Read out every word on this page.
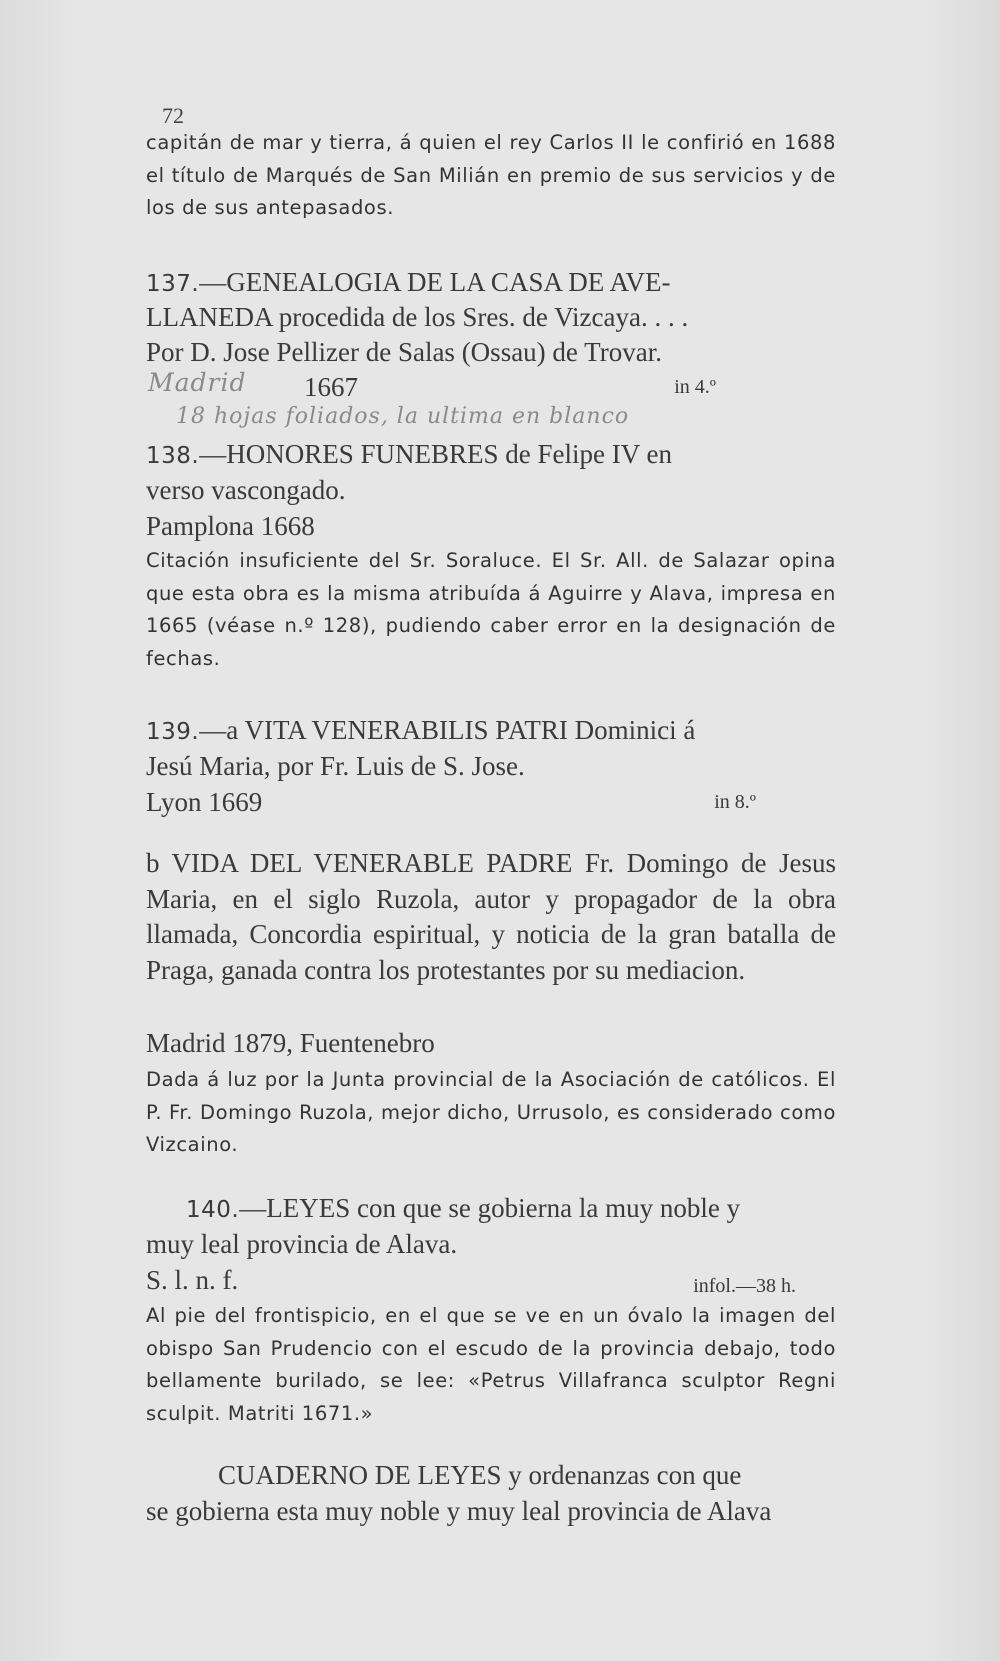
72

capitán de mar y tierra, á quien el rey Carlos II le confirió en 1688 el título de Marqués de San Milián en premio de sus servicios y de los de sus antepasados.

137.—GENEALOGIA DE LA CASA DE AVE-
LLANEDA procedida de los Sres. de Vizcaya. . . .
Por D. Jose Pellizer de Salas (Ossau) de Trovar.
1667	in 4.º
Madrid
18 hojas foliados, la ultima en blanco
138.—HONORES FUNEBRES de Felipe IV en
verso vascongado.
Pamplona 1668

Citación insuficiente del Sr. Soraluce. El Sr. All. de Salazar opina que esta obra es la misma atribuída á Aguirre y Alava, impresa en 1665 (véase n.º 128), pudiendo caber error en la designación de fechas.

139.—a VITA VENERABILIS PATRI Dominici á
Jesú Maria, por Fr. Luis de S. Jose.
Lyon 1669	in 8.º

b VIDA DEL VENERABLE PADRE Fr. Domingo de Jesus Maria, en el siglo Ruzola, autor y propagador de la obra llamada, Concordia espiritual, y noticia de la gran batalla de Praga, ganada contra los protestantes por su mediacion.

Madrid 1879, Fuentenebro

Dada á luz por la Junta provincial de la Asociación de católicos. El P. Fr. Domingo Ruzola, mejor dicho, Urrusolo, es considerado como Vizcaino.

140.—LEYES con que se gobierna la muy noble y
muy leal provincia de Alava.
S. l. n. f.	infol.—38 h.

Al pie del frontispicio, en el que se ve en un óvalo la imagen del obispo San Prudencio con el escudo de la provincia debajo, todo bellamente burilado, se lee: «Petrus Villafranca sculptor Regni sculpit. Matriti 1671.»

CUADERNO DE LEYES y ordenanzas con que
se gobierna esta muy noble y muy leal provincia de Alava
